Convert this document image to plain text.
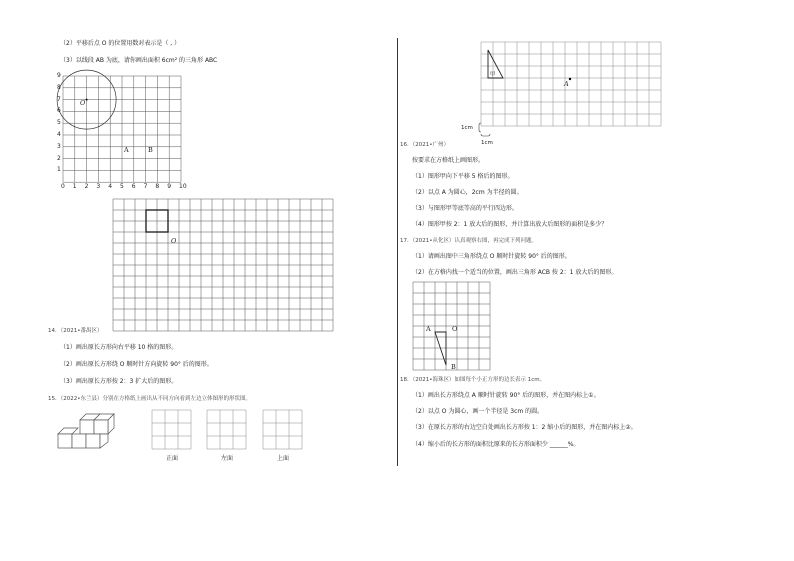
（2）平移后点 O 的位置用数对表示是（ , ）
（3）以线段 AB 为底，请你画出面积 6cm² 的三角形 ABC
9
8
7
6
5
4
3
2
1
0 1 2 3 4 5 6 7 8 9 10
O
A	B
O
14．（2021•番禺区）
（1）画出原长方形向右平移 10 格的图形。
（2）画出原长方形绕 O 顺时针方向旋转 90° 后的图形。
（3）画出原长方形按 2：3 扩大后的图形。
15．（2022•东兰县）分别在方格纸上画出从不同方向看到左边立体图形的形状图。
正面	左面	上面
甲
A
1cm
1cm
16．（2021•广州）
按要求在方格纸上画图形。
（1）图形甲向下平移 5 格后的图形。
（2）以点 A 为圆心，2cm 为半径的圆。
（3）与图形甲等底等高的平行四边形。
（4）图形甲按 2：1 放大后的图形，并计算出放大后图形的面积是多少？
17．（2021•从化区）认真观察右图，再完成下列问题。
（1）请画出图中三角形绕点 O 顺时针旋转 90° 后的图形。
（2）在方格内找一个适当的位置，画出三角形 ACB 按 2：1 放大后的图形。
A	O
B
18．（2021•海珠区）如图每个小正方形的边长表示 1cm。
（1）画出长方形绕点 A 顺时针旋转 90° 后的图形，并在图内标上①。
（2）以点 O 为圆心，画一个半径是 3cm 的圆。
（3）在原长方形的右边空白处画出长方形按 1：2 缩小后的图形，并在图内标上②。
（4）缩小后的长方形的面积比原来的长方形面积少 ______%。
